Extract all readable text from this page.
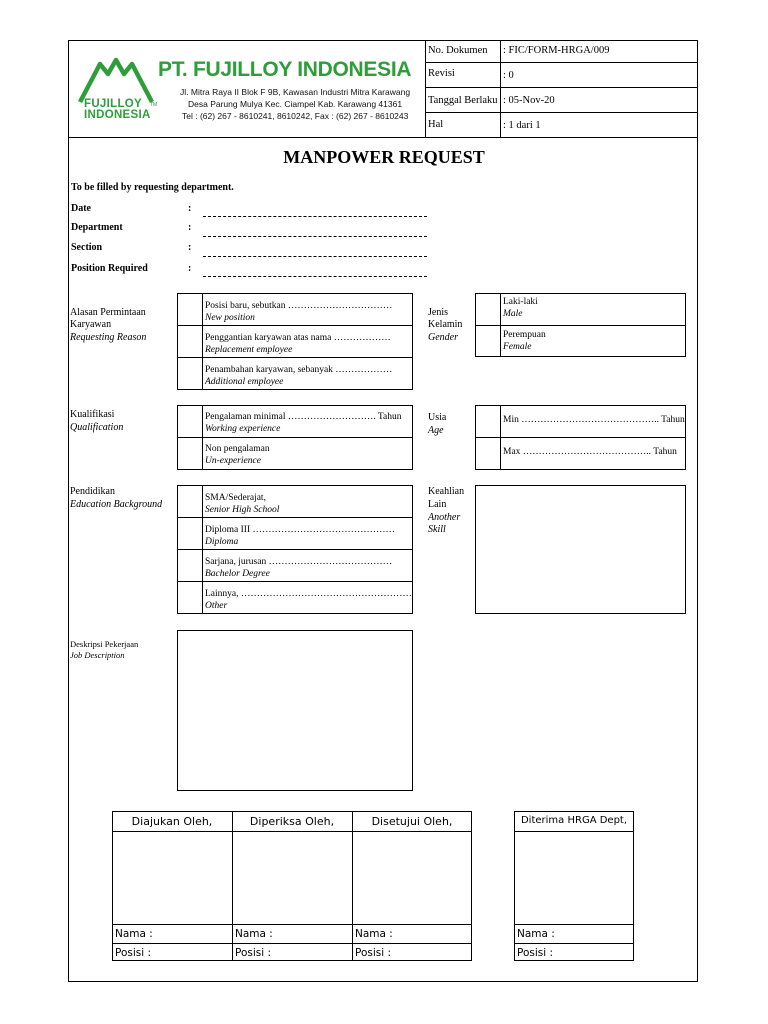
No. Dokumen : FIC/FORM-HRGA/009
Revisi	: 0
Tanggal Berlaku : 05-Nov-20
Hal	: 1 dari 1
FUJILLOY
INDONESIA
TM
PT. FUJILLOY INDONESIA
Jl. Mitra Raya II Blok F 9B, Kawasan Industri Mitra Karawang
Desa Parung Mulya Kec. Ciampel Kab. Karawang 41361
Tel : (62) 267 - 8610241, 8610242, Fax : (62) 267 - 8610243
MANPOWER REQUEST
To be filled by requesting department.
Date	:
Department	:
Section	:
Position Required	:
Alasan Permintaan
Karyawan
Requesting Reason
Posisi baru, sebutkan ……………………………
New position
Penggantian karyawan atas nama ………………
Replacement employee
Penambahan karyawan, sebanyak ………………
Additional employee
Jenis
Kelamin
Gender
Laki-laki
Male
Perempuan
Female
Kualifikasi
Qualification
Pengalaman minimal ………………………. Tahun
Working experience
Non pengalaman
Un-experience
Usia
Age
Min …………………………………….. Tahun
Max ………………………………….. Tahun
Pendidikan
Education Background
SMA/Sederajat,
Senior High School
Diploma III ………………………………………
Diploma
Sarjana, jurusan …………………………………
Bachelor Degree
Lainnya, ………………………………………………
Other
Keahlian
Lain
Another
Skill
Deskripsi Pekerjaan
Job Description
Diajukan Oleh,	Diperiksa Oleh,	Disetujui Oleh,
Nama :	Nama :	Nama :
Posisi :	Posisi :	Posisi :
Diterima HRGA Dept,
Nama :
Posisi :
